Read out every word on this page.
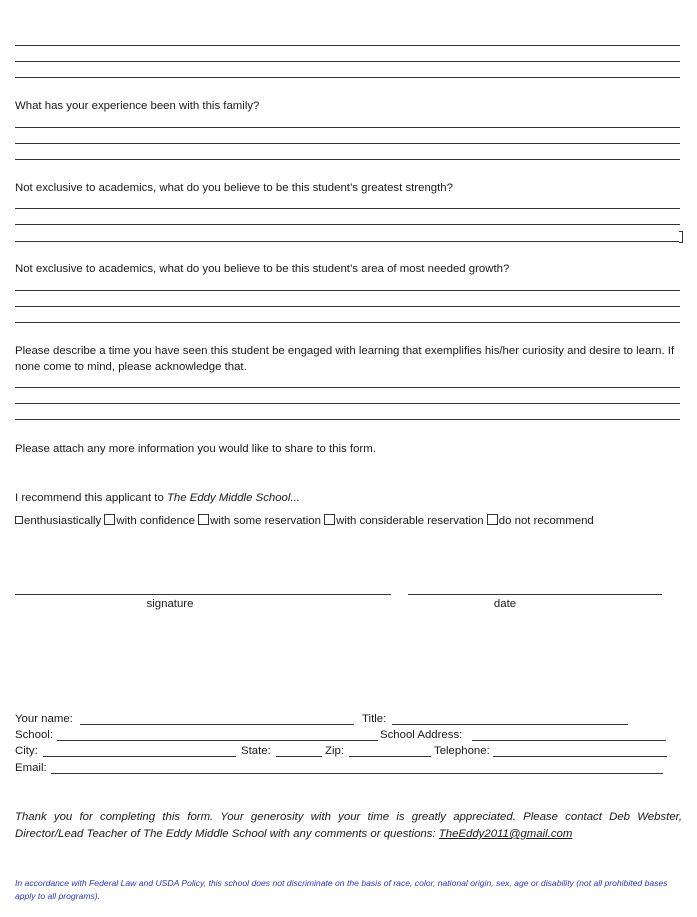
What has your experience been with this family?

Not exclusive to academics, what do you believe to be this student’s greatest strength?

Not exclusive to academics, what do you believe to be this student’s area of most needed growth?

Please describe a time you have seen this student be engaged with learning that exemplifies his/her curiosity and desire to learn. If none come to mind, please acknowledge that.

Please attach any more information you would like to share to this form.

I recommend this applicant to The Eddy Middle School...
enthusiastically with confidence with some reservation with considerable reservation do not recommend
signature	date
Your name:	Title:
School:	School Address:
City:	State:	Zip:	Telephone:
Email:

Thank you for completing this form. Your generosity with your time is greatly appreciated. Please contact Deb Webster, Director/Lead Teacher of The Eddy Middle School with any comments or questions: TheEddy2011@gmail.com

In accordance with Federal Law and USDA Policy, this school does not discriminate on the basis of race, color, national origin, sex, age or disability (not all prohibited bases apply to all programs).
